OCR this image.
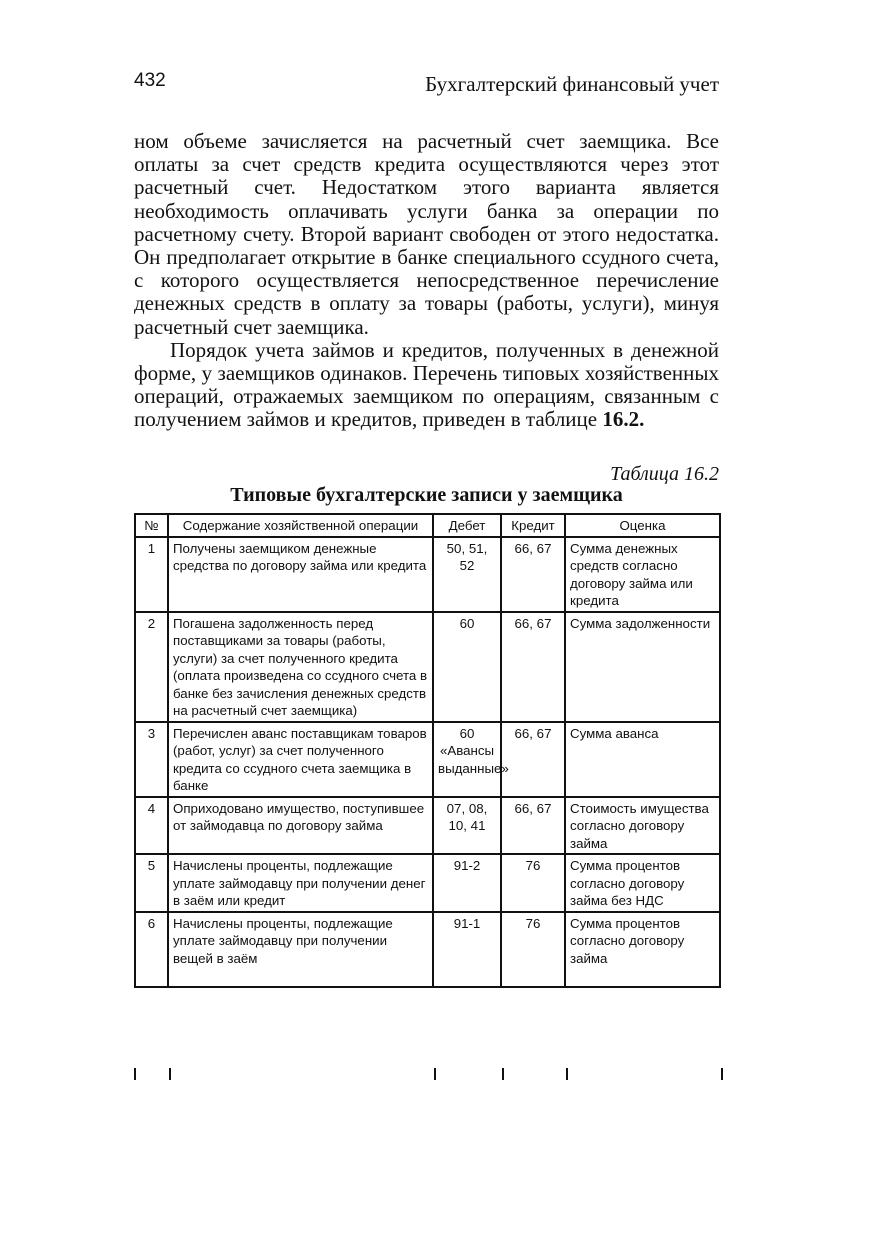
432	Бухгалтерский финансовый учет

ном объеме зачисляется на расчетный счет заемщика. Все оплаты за счет средств кредита осуществляются через этот расчетный счет. Недостатком этого варианта является необходимость оплачивать услуги банка за операции по расчетному счету. Второй вариант свободен от этого недостатка. Он предполагает открытие в банке специального ссудного счета, с которого осуществляется непосредственное перечисление денежных средств в оплату за товары (работы, услуги), минуя расчетный счет заемщика.

Порядок учета займов и кредитов, полученных в денежной форме, у заемщиков одинаков. Перечень типовых хозяйственных операций, отражаемых заемщиком по операциям, связанным с получением займов и кредитов, приведен в таблице 16.2.

Таблица 16.2
Типовые бухгалтерские записи у заемщика
№	Содержание хозяйственной операции	Дебет	Кредит	Оценка
1	Получены заемщиком денежные средства по договору займа или кредита	50, 51, 52	66, 67	Сумма денежных средств согласно договору займа или кредита
2	Погашена задолженность перед поставщиками за товары (работы, услуги) за счет полученного кредита (оплата произведена со ссудного счета в банке без зачисления денежных средств на расчетный счет заемщика)	60	66, 67	Сумма задолженности
3	Перечислен аванс поставщикам товаров (работ, услуг) за счет полученного кредита со ссудного счета заемщика в банке	60 «Авансы выданные»	66, 67	Сумма аванса
4	Оприходовано имущество, поступившее от займодавца по договору займа	07, 08, 10, 41	66, 67	Стоимость имущества согласно договору займа
5	Начислены проценты, подлежащие уплате займодавцу при получении денег в заём или кредит	91-2	76	Сумма процентов согласно договору займа без НДС
6	Начислены проценты, подлежащие уплате займодавцу при получении вещей в заём	91-1	76	Сумма процентов согласно договору займа
